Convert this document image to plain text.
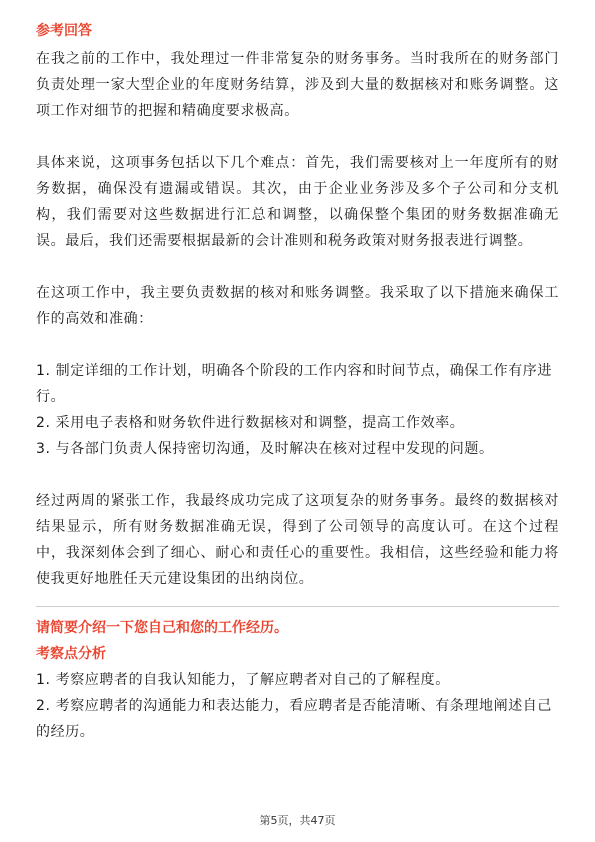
参考回答

在我之前的工作中，我处理过一件非常复杂的财务事务。当时我所在的财务部门负责处理一家大型企业的年度财务结算，涉及到大量的数据核对和账务调整。这项工作对细节的把握和精确度要求极高。

具体来说，这项事务包括以下几个难点：首先，我们需要核对上一年度所有的财务数据，确保没有遗漏或错误。其次，由于企业业务涉及多个子公司和分支机构，我们需要对这些数据进行汇总和调整，以确保整个集团的财务数据准确无误。最后，我们还需要根据最新的会计准则和税务政策对财务报表进行调整。

在这项工作中，我主要负责数据的核对和账务调整。我采取了以下措施来确保工作的高效和准确：

1. 制定详细的工作计划，明确各个阶段的工作内容和时间节点，确保工作有序进行。

2. 采用电子表格和财务软件进行数据核对和调整，提高工作效率。

3. 与各部门负责人保持密切沟通，及时解决在核对过程中发现的问题。

经过两周的紧张工作，我最终成功完成了这项复杂的财务事务。最终的数据核对结果显示，所有财务数据准确无误，得到了公司领导的高度认可。在这个过程中，我深刻体会到了细心、耐心和责任心的重要性。我相信，这些经验和能力将使我更好地胜任天元建设集团的出纳岗位。

请简要介绍一下您自己和您的工作经历。
考察点分析

1. 考察应聘者的自我认知能力，了解应聘者对自己的了解程度。

2. 考察应聘者的沟通能力和表达能力，看应聘者是否能清晰、有条理地阐述自己的经历。

第5页，共47页
